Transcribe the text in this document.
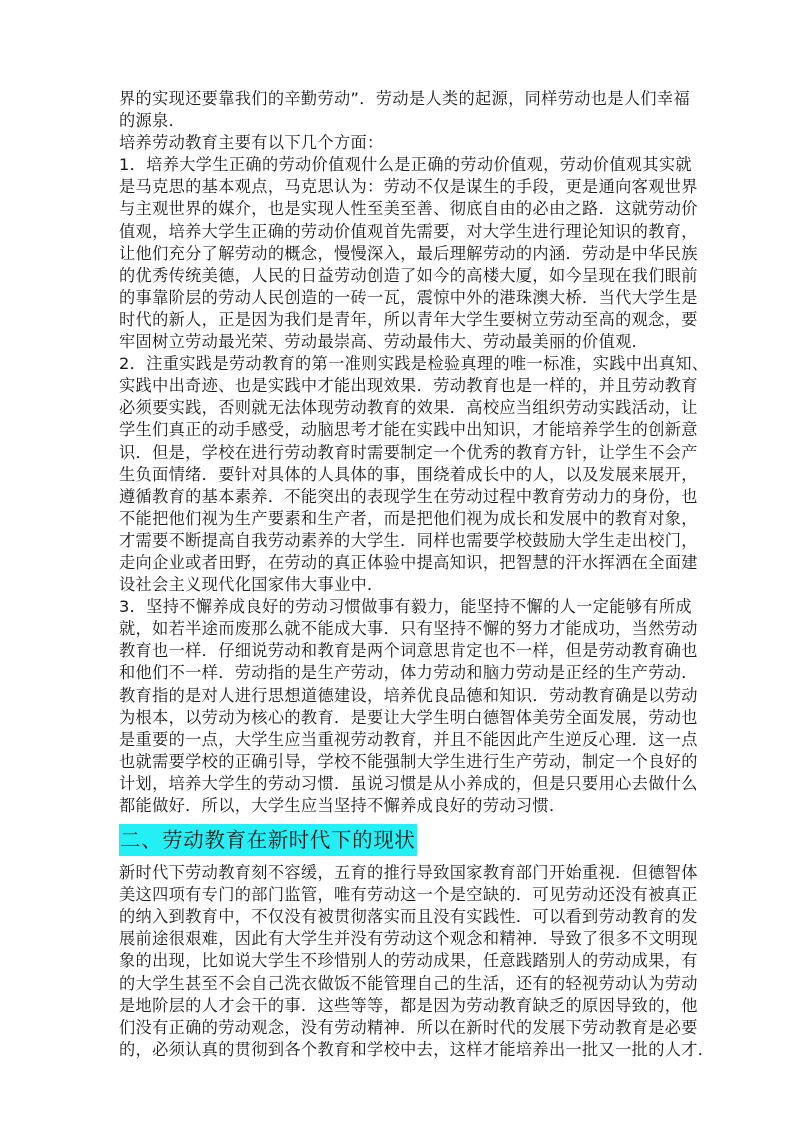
界的实现还要靠我们的辛勤劳动”．劳动是人类的起源，同样劳动也是人们幸福
的源泉．
培养劳动教育主要有以下几个方面：
1．培养大学生正确的劳动价值观什么是正确的劳动价值观，劳动价值观其实就
是马克思的基本观点，马克思认为：劳动不仅是谋生的手段，更是通向客观世界
与主观世界的媒介，也是实现人性至美至善、彻底自由的必由之路．这就劳动价
值观，培养大学生正确的劳动价值观首先需要，对大学生进行理论知识的教育，
让他们充分了解劳动的概念，慢慢深入，最后理解劳动的内涵．劳动是中华民族
的优秀传统美德，人民的日益劳动创造了如今的高楼大厦，如今呈现在我们眼前
的事靠阶层的劳动人民创造的一砖一瓦，震惊中外的港珠澳大桥．当代大学生是
时代的新人，正是因为我们是青年，所以青年大学生要树立劳动至高的观念，要
牢固树立劳动最光荣、劳动最崇高、劳动最伟大、劳动最美丽的价值观．
2．注重实践是劳动教育的第一准则实践是检验真理的唯一标准，实践中出真知、
实践中出奇迹、也是实践中才能出现效果．劳动教育也是一样的，并且劳动教育
必须要实践，否则就无法体现劳动教育的效果．高校应当组织劳动实践活动，让
学生们真正的动手感受，动脑思考才能在实践中出知识，才能培养学生的创新意
识．但是，学校在进行劳动教育时需要制定一个优秀的教育方针，让学生不会产
生负面情绪．要针对具体的人具体的事，围绕着成长中的人，以及发展来展开，
遵循教育的基本素养．不能突出的表现学生在劳动过程中教育劳动力的身份，也
不能把他们视为生产要素和生产者，而是把他们视为成长和发展中的教育对象，
才需要不断提高自我劳动素养的大学生．同样也需要学校鼓励大学生走出校门，
走向企业或者田野，在劳动的真正体验中提高知识，把智慧的汗水挥洒在全面建
设社会主义现代化国家伟大事业中．
3．坚持不懈养成良好的劳动习惯做事有毅力，能坚持不懈的人一定能够有所成
就，如若半途而废那么就不能成大事．只有坚持不懈的努力才能成功，当然劳动
教育也一样．仔细说劳动和教育是两个词意思肯定也不一样，但是劳动教育确也
和他们不一样．劳动指的是生产劳动，体力劳动和脑力劳动是正经的生产劳动．
教育指的是对人进行思想道德建设，培养优良品德和知识．劳动教育确是以劳动
为根本，以劳动为核心的教育．是要让大学生明白德智体美劳全面发展，劳动也
是重要的一点，大学生应当重视劳动教育，并且不能因此产生逆反心理．这一点
也就需要学校的正确引导，学校不能强制大学生进行生产劳动，制定一个良好的
计划，培养大学生的劳动习惯．虽说习惯是从小养成的，但是只要用心去做什么
都能做好．所以，大学生应当坚持不懈养成良好的劳动习惯．
二、劳动教育在新时代下的现状
新时代下劳动教育刻不容缓，五育的推行导致国家教育部门开始重视．但德智体
美这四项有专门的部门监管，唯有劳动这一个是空缺的．可见劳动还没有被真正
的纳入到教育中，不仅没有被贯彻落实而且没有实践性．可以看到劳动教育的发
展前途很艰难，因此有大学生并没有劳动这个观念和精神．导致了很多不文明现
象的出现，比如说大学生不珍惜别人的劳动成果，任意践踏别人的劳动成果，有
的大学生甚至不会自己洗衣做饭不能管理自己的生活，还有的轻视劳动认为劳动
是地阶层的人才会干的事．这些等等，都是因为劳动教育缺乏的原因导致的，他
们没有正确的劳动观念，没有劳动精神．所以在新时代的发展下劳动教育是必要
的，必须认真的贯彻到各个教育和学校中去，这样才能培养出一批又一批的人才．
